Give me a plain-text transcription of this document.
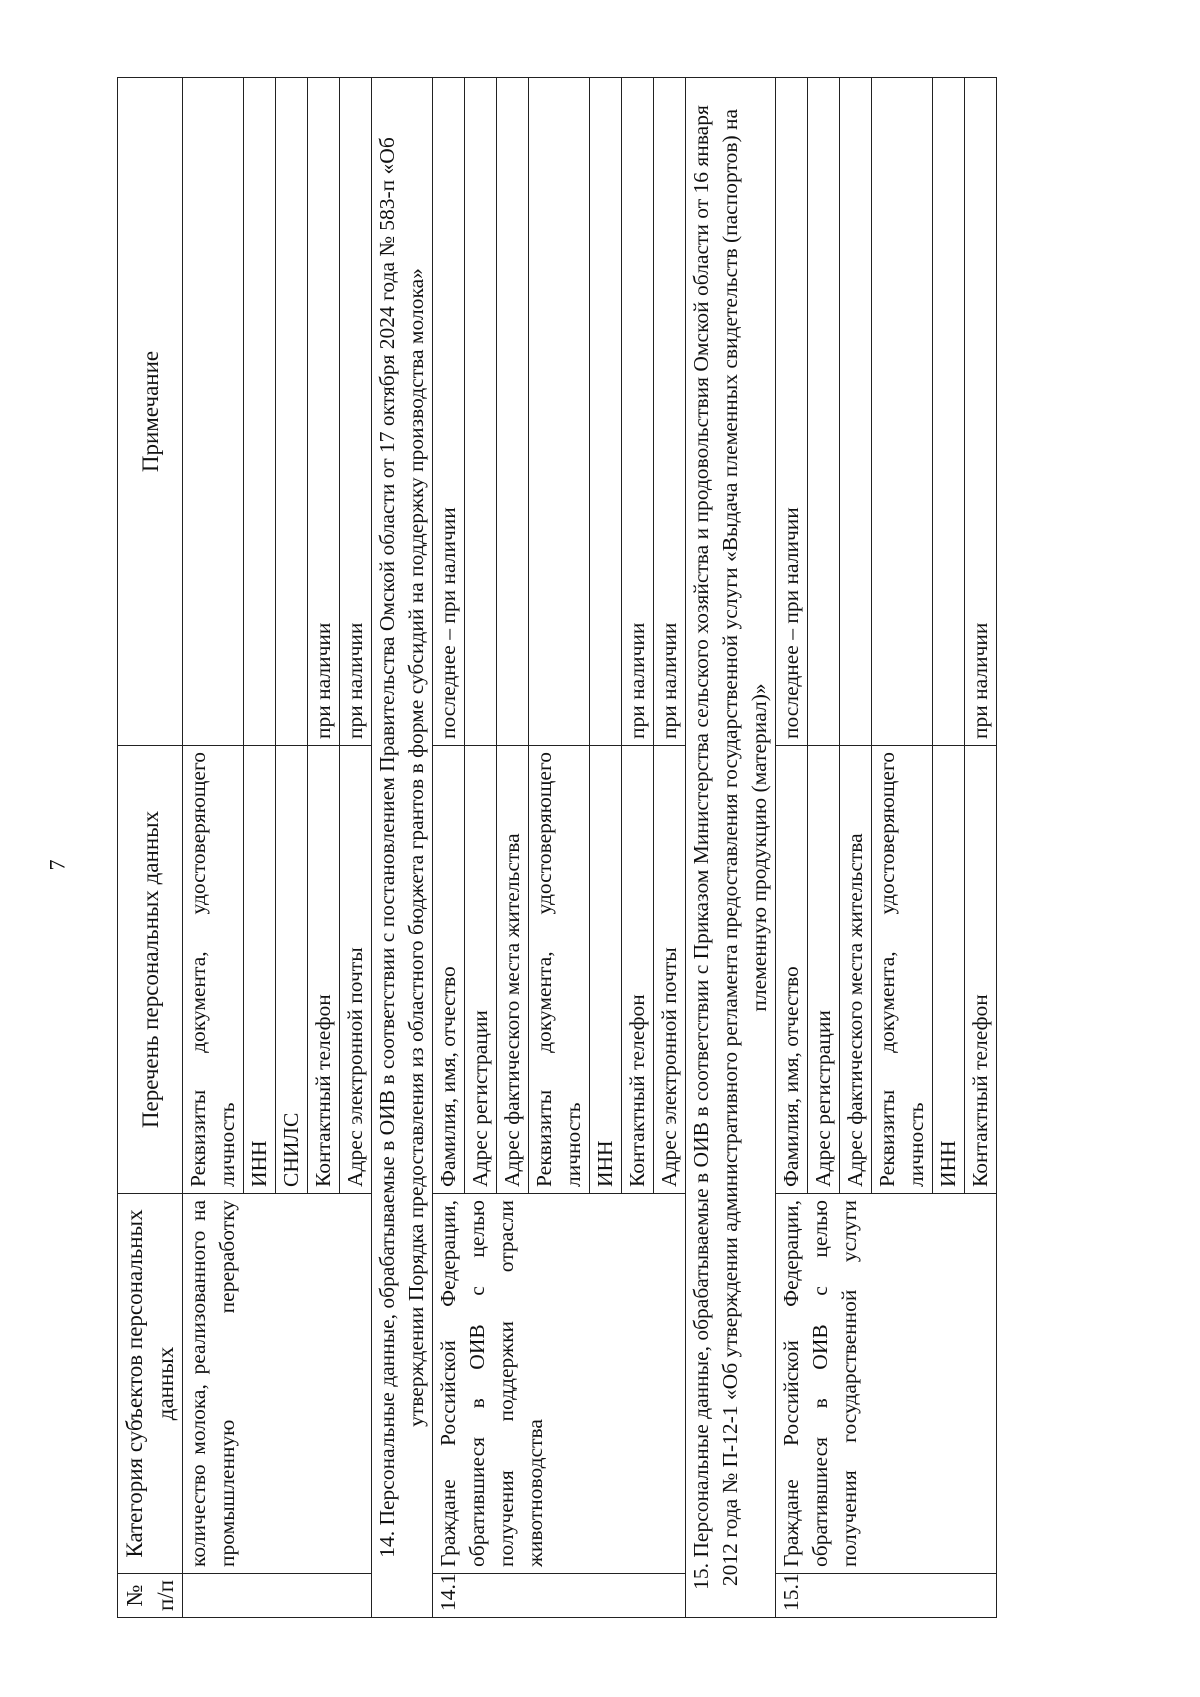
7
№ п/п	Категория субъектов персональных данных	Перечень персональных данных	Примечание
	количество молока, реализованного на промышленную переработку	Реквизиты документа, удостоверяющего личность	
		ИНН	
		СНИЛС	
		Контактный телефон	при наличии
		Адрес электронной почты	при наличии
14. Персональные данные, обрабатываемые в ОИВ в соответствии с постановлением Правительства Омской области от 17 октября 2024 года № 583-п «Об утверждении Порядка предоставления из областного бюджета грантов в форме субсидий на поддержку производства молока»			
14.1	Граждане Российской Федерации, обратившиеся в ОИВ с целью получения поддержки отрасли животноводства	Фамилия, имя, отчество	последнее – при наличии
		Адрес регистрации	
		Адрес фактического места жительства	
		Реквизиты документа, удостоверяющего личность	
		ИНН	
		Контактный телефон	при наличии
		Адрес электронной почты	при наличии
15. Персональные данные, обрабатываемые в ОИВ в соответствии с Приказом Министерства сельского хозяйства и продовольствия Омской области от 16 января 2012 года № П-12-1 «Об утверждении административного регламента предоставления государственной услуги «Выдача племенных свидетельств (паспортов) на племенную продукцию (материал)»			
15.1	Граждане Российской Федерации, обратившиеся в ОИВ с целью получения государственной услуги	Фамилия, имя, отчество	последнее – при наличии
		Адрес регистрации	
		Адрес фактического места жительства	
		Реквизиты документа, удостоверяющего личность	
		ИНН	
		Контактный телефон	при наличии
